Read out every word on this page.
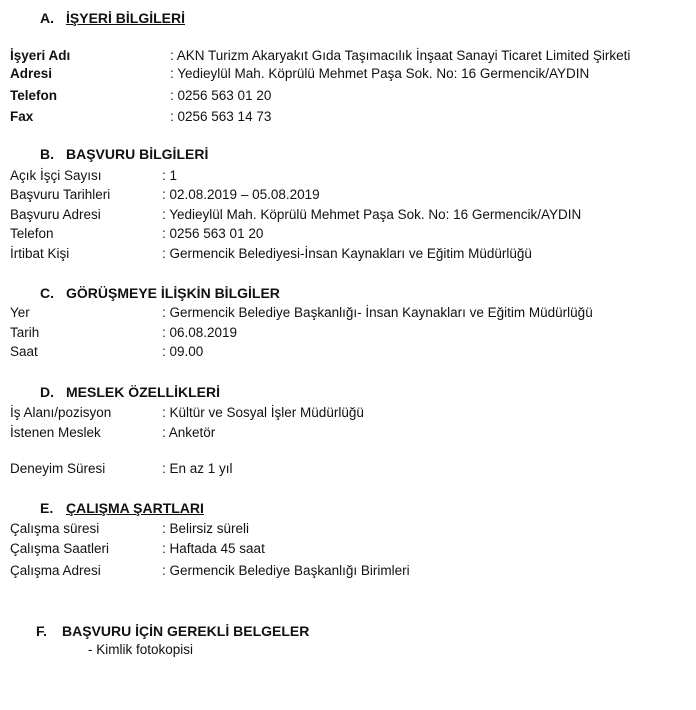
A. İŞYERİ BİLGİLERİ
İşyeri Adı	: AKN Turizm Akaryakıt Gıda Taşımacılık İnşaat Sanayi Ticaret Limited Şirketi
Adresi	: Yedieylül Mah. Köprülü Mehmet Paşa Sok. No: 16 Germencik/AYDIN
Telefon	: 0256 563 01 20
Fax	: 0256 563 14 73
B. BAŞVURU BİLGİLERİ
Açık İşçi Sayısı	: 1
Başvuru Tarihleri	: 02.08.2019 – 05.08.2019
Başvuru Adresi	: Yedieylül Mah. Köprülü Mehmet Paşa Sok. No: 16 Germencik/AYDIN
Telefon	: 0256 563 01 20
İrtibat Kişi	: Germencik Belediyesi-İnsan Kaynakları ve Eğitim Müdürlüğü
C. GÖRÜŞMEYE İLİŞKİN BİLGİLER
Yer	: Germencik Belediye Başkanlığı- İnsan Kaynakları ve Eğitim Müdürlüğü
Tarih	: 06.08.2019
Saat	: 09.00
D. MESLEK ÖZELLİKLERİ
İş Alanı/pozisyon	: Kültür ve Sosyal İşler Müdürlüğü
İstenen Meslek	: Anketör
Deneyim Süresi	: En az 1 yıl
E. ÇALIŞMA ŞARTLARI
Çalışma süresi	: Belirsiz süreli
Çalışma Saatleri	: Haftada 45 saat
Çalışma Adresi	: Germencik Belediye Başkanlığı Birimleri
F. BAŞVURU İÇİN GEREKLİ BELGELER
- Kimlik fotokopisi
